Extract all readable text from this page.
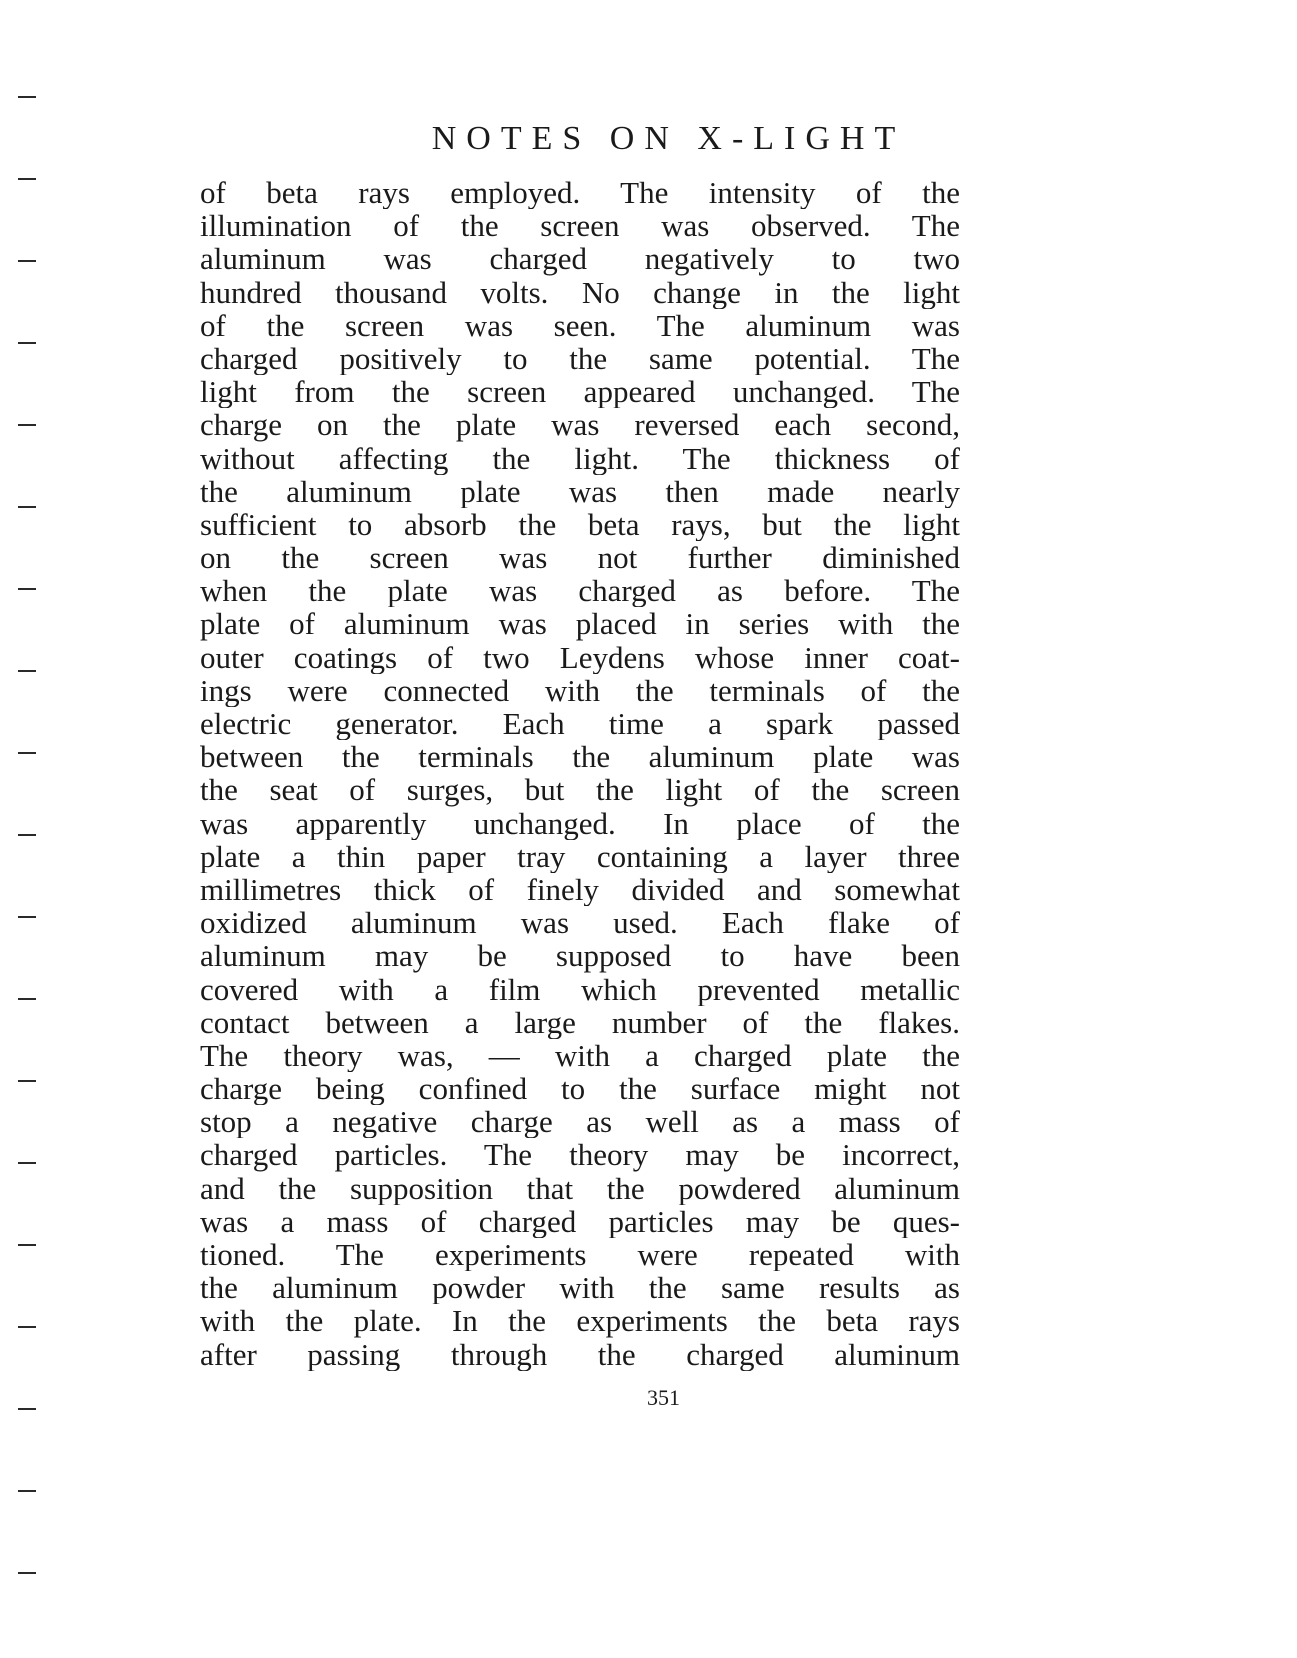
NOTES ON X-LIGHT
of beta rays employed. The intensity of the
illumination of the screen was observed. The
aluminum was charged negatively to two
hundred thousand volts. No change in the light
of the screen was seen. The aluminum was
charged positively to the same potential. The
light from the screen appeared unchanged. The
charge on the plate was reversed each second,
without affecting the light. The thickness of
the aluminum plate was then made nearly
sufficient to absorb the beta rays, but the light
on the screen was not further diminished
when the plate was charged as before. The
plate of aluminum was placed in series with the
outer coatings of two Leydens whose inner coat-
ings were connected with the terminals of the
electric generator. Each time a spark passed
between the terminals the aluminum plate was
the seat of surges, but the light of the screen
was apparently unchanged. In place of the
plate a thin paper tray containing a layer three
millimetres thick of finely divided and somewhat
oxidized aluminum was used. Each flake of
aluminum may be supposed to have been
covered with a film which prevented metallic
contact between a large number of the flakes.
The theory was, — with a charged plate the
charge being confined to the surface might not
stop a negative charge as well as a mass of
charged particles. The theory may be incorrect,
and the supposition that the powdered aluminum
was a mass of charged particles may be ques-
tioned. The experiments were repeated with
the aluminum powder with the same results as
with the plate. In the experiments the beta rays
after passing through the charged aluminum
351
